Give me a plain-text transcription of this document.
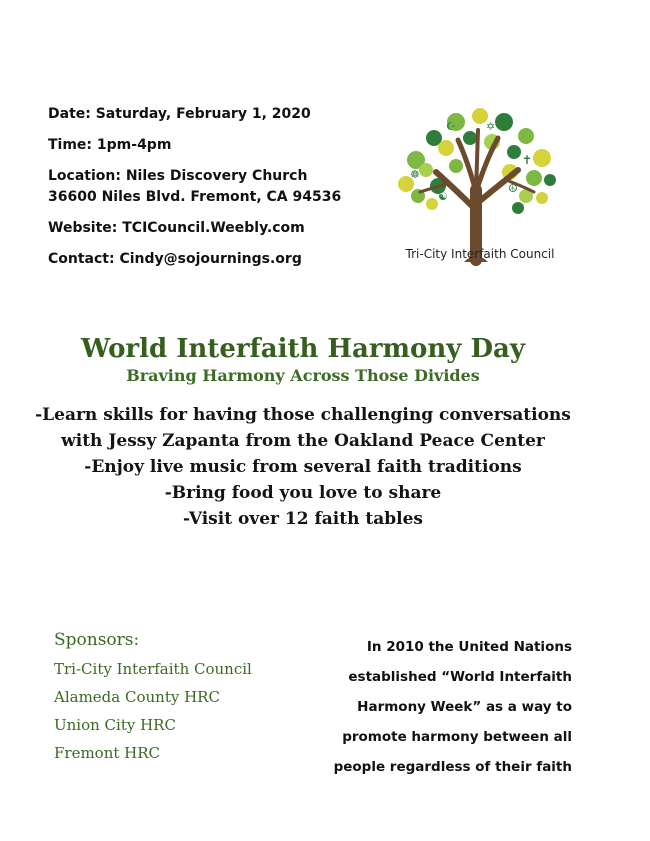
Date: Saturday, February 1, 2020
Time: 1pm-4pm
Location: Niles Discovery Church
36600 Niles Blvd. Fremont, CA 94536
Website: TCICouncil.Weebly.com
Contact: Cindy@sojournings.org
☪	✡
✝
☸
☯
☮
Tri-City Interfaith Council
World Interfaith Harmony Day
Braving Harmony Across Those Divides
-Learn skills for having those challenging conversations
with Jessy Zapanta from the Oakland Peace Center
-Enjoy live music from several faith traditions
-Bring food you love to share
-Visit over 12 faith tables
Sponsors:
Tri-City Interfaith Council
Alameda County HRC
Union City HRC
Fremont HRC
In 2010 the United Nations
established “World Interfaith
Harmony Week” as a way to
promote harmony between all
people regardless of their faith
